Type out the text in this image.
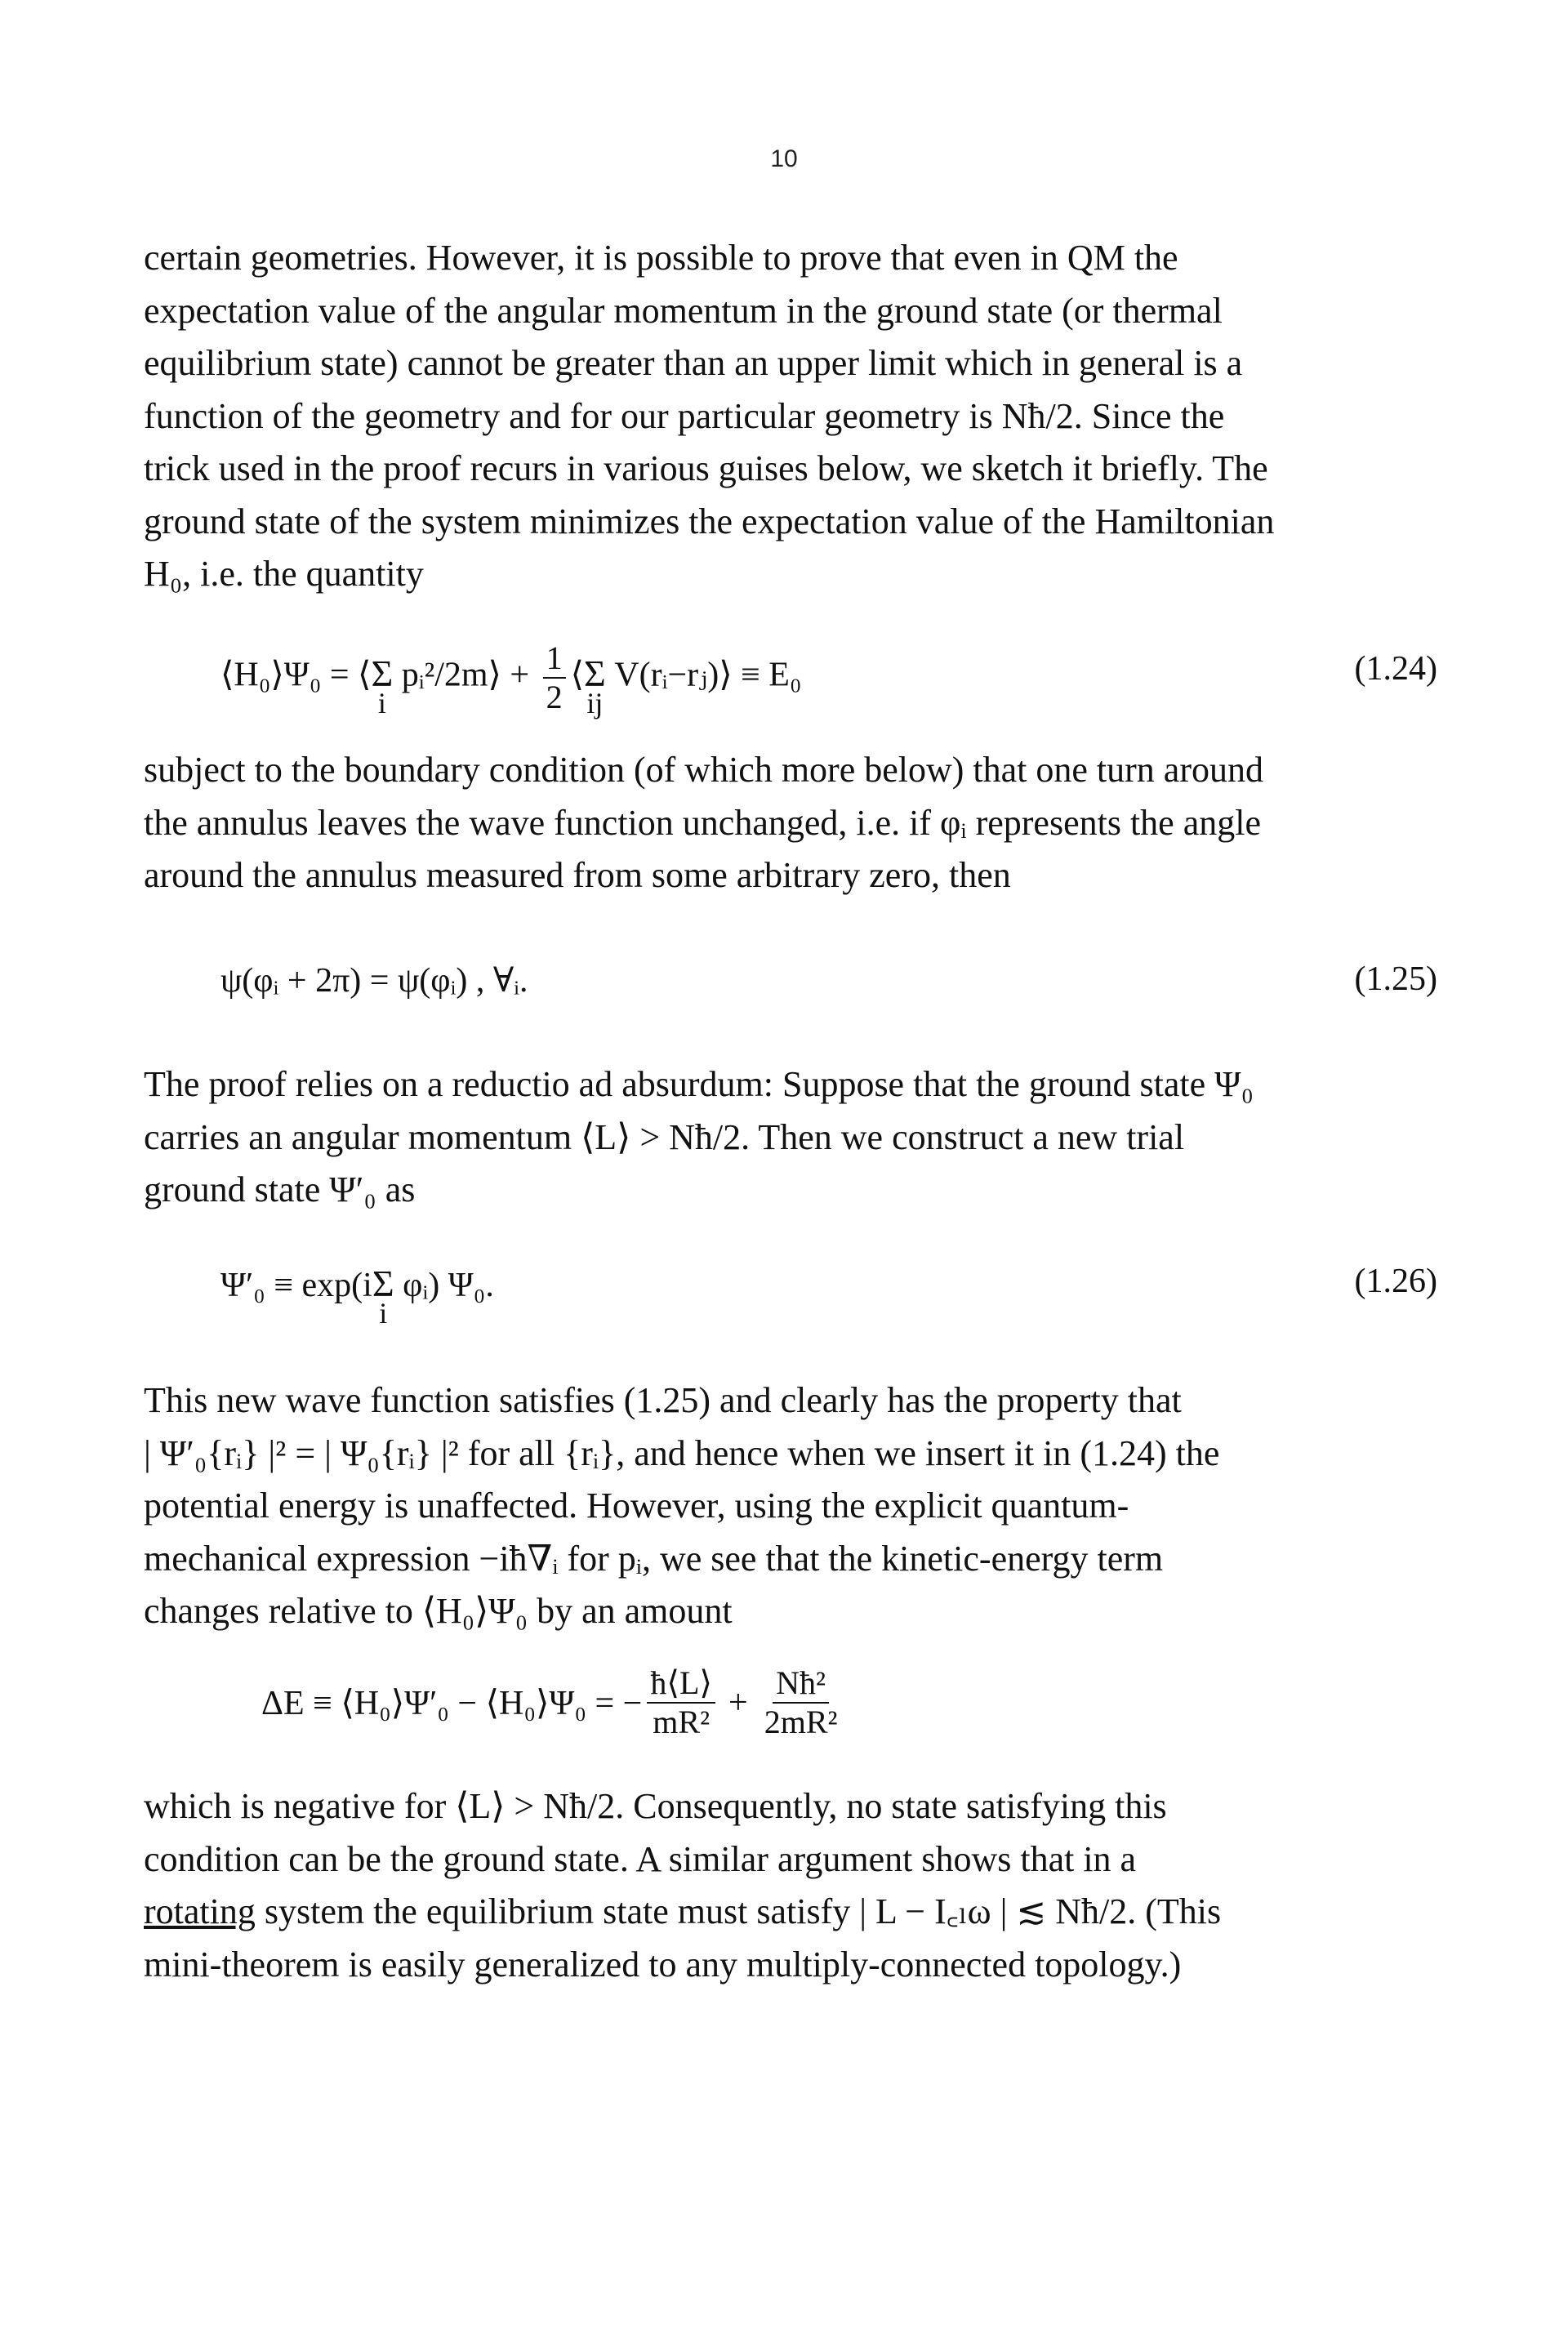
10
certain geometries. However, it is possible to prove that even in QM the
expectation value of the angular momentum in the ground state (or thermal
equilibrium state) cannot be greater than an upper limit which in general is a
function of the geometry and for our particular geometry is Nħ/2. Since the
trick used in the proof recurs in various guises below, we sketch it briefly. The
ground state of the system minimizes the expectation value of the Hamiltonian
H₀, i.e. the quantity
⟨H₀⟩Ψ₀ = ⟨Σ
i
pᵢ²/2m⟩ + $\frac{1}{2}$ ⟨Σ
ij
V(rᵢ−rⱼ)⟩ ≡ E₀	(1.24)
subject to the boundary condition (of which more below) that one turn around
the annulus leaves the wave function unchanged, i.e. if φᵢ represents the angle
around the annulus measured from some arbitrary zero, then
ψ(φᵢ + 2π) = ψ(φᵢ) , ∀ᵢ.	(1.25)
The proof relies on a reductio ad absurdum: Suppose that the ground state Ψ₀
carries an angular momentum ⟨L⟩ > Nħ/2. Then we construct a new trial
ground state Ψ′₀ as
Ψ′₀ ≡ exp(iΣ
i
φᵢ) Ψ₀.	(1.26)
This new wave function satisfies (1.25) and clearly has the property that
| Ψ′₀{rᵢ} |² = | Ψ₀{rᵢ} |² for all {rᵢ}, and hence when we insert it in (1.24) the
potential energy is unaffected. However, using the explicit quantum-
mechanical expression −iħ∇ᵢ for pᵢ, we see that the kinetic-energy term
changes relative to ⟨H₀⟩Ψ₀ by an amount
ΔE ≡ ⟨H₀⟩Ψ′₀ − ⟨H₀⟩Ψ₀ = − $\frac{ħ⟨L⟩}{\text{mR²}} + \frac{\text{Nħ²}}{\text{2mR²}}$
which is negative for ⟨L⟩ > Nħ/2. Consequently, no state satisfying this
condition can be the ground state. A similar argument shows that in a
rotating system the equilibrium state must satisfy | L − I꜀ₗω | ≲ Nħ/2. (This
mini-theorem is easily generalized to any multiply-connected topology.)
